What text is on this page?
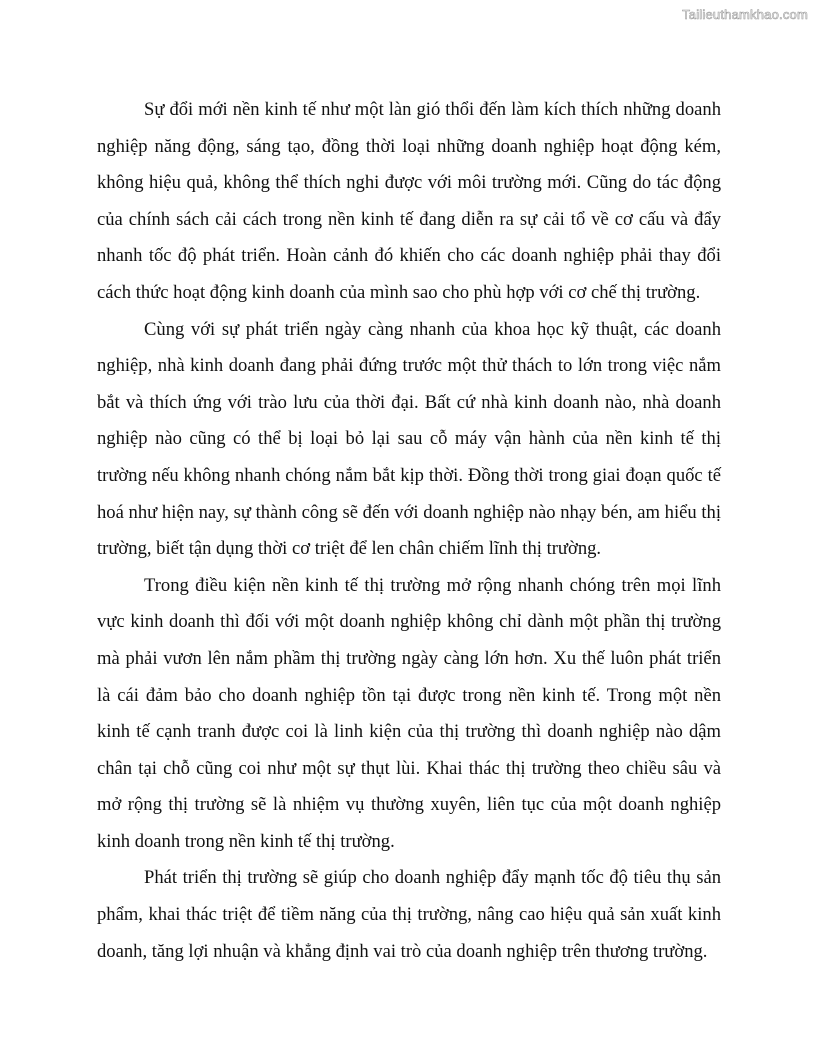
Tailieuthamkhao.com

Sự đổi mới nền kinh tế như một làn gió thổi đến làm kích thích những doanh nghiệp năng động, sáng tạo, đồng thời loại những doanh nghiệp hoạt động kém, không hiệu quả, không thể thích nghi được với môi trường mới. Cũng do tác động của chính sách cải cách trong nền kinh tế đang diễn ra sự cải tổ về cơ cấu và đẩy nhanh tốc độ phát triển. Hoàn cảnh đó khiến cho các doanh nghiệp phải thay đổi cách thức hoạt động kinh doanh của mình sao cho phù hợp với cơ chế thị trường.

Cùng với sự phát triển ngày càng nhanh của khoa học kỹ thuật, các doanh nghiệp, nhà kinh doanh đang phải đứng trước một thử thách to lớn trong việc nắm bắt và thích ứng với trào lưu của thời đại. Bất cứ nhà kinh doanh nào, nhà doanh nghiệp nào cũng có thể bị loại bỏ lại sau cỗ máy vận hành của nền kinh tế thị trường nếu không nhanh chóng nắm bắt kịp thời. Đồng thời trong giai đoạn quốc tế hoá như hiện nay, sự thành công sẽ đến với doanh nghiệp nào nhạy bén, am hiểu thị trường, biết tận dụng thời cơ triệt để len chân chiếm lĩnh thị trường.

Trong điều kiện nền kinh tế thị trường mở rộng nhanh chóng trên mọi lĩnh vực kinh doanh thì đối với một doanh nghiệp không chỉ dành một phần thị trường mà phải vươn lên nắm phầm thị trường ngày càng lớn hơn. Xu thế luôn phát triển là cái đảm bảo cho doanh nghiệp tồn tại được trong nền kinh tế. Trong một nền kinh tế cạnh tranh được coi là linh kiện của thị trường thì doanh nghiệp nào dậm chân tại chỗ cũng coi như một sự thụt lùi. Khai thác thị trường theo chiều sâu và mở rộng thị trường sẽ là nhiệm vụ thường xuyên, liên tục của một doanh nghiệp kinh doanh trong nền kinh tế thị trường.

Phát triển thị trường sẽ giúp cho doanh nghiệp đẩy mạnh tốc độ tiêu thụ sản phẩm, khai thác triệt để tiềm năng của thị trường, nâng cao hiệu quả sản xuất kinh doanh, tăng lợi nhuận và khẳng định vai trò của doanh nghiệp trên thương trường.
